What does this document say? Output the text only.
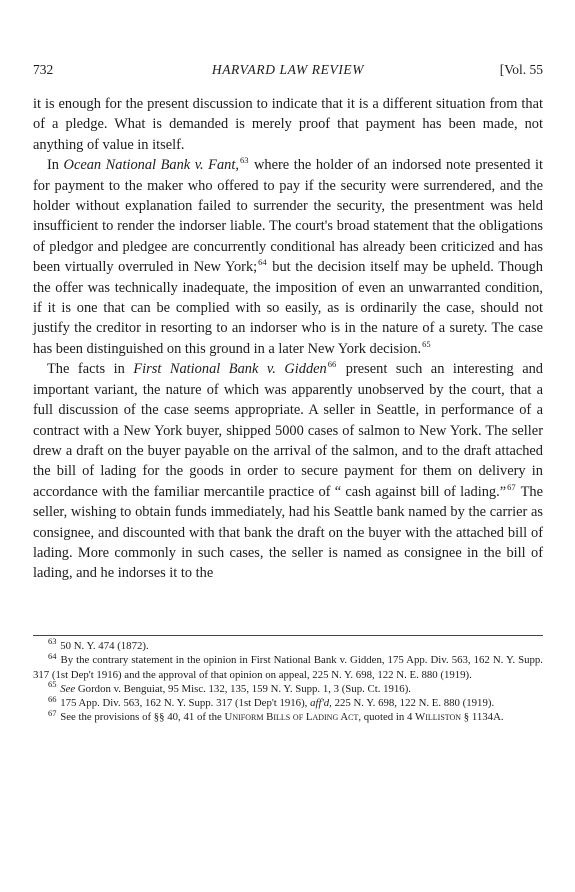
732	HARVARD LAW REVIEW	[Vol. 55

it is enough for the present discussion to indicate that it is a different situation from that of a pledge. What is demanded is merely proof that payment has been made, not anything of value in itself.

In Ocean National Bank v. Fant,$^{63}$ where the holder of an indorsed note presented it for payment to the maker who offered to pay if the security were surrendered, and the holder without explanation failed to surrender the security, the presentment was held insufficient to render the indorser liable. The court's broad statement that the obligations of pledgor and pledgee are concurrently conditional has already been criticized and has been virtually overruled in New York;$^{64}$ but the decision itself may be upheld. Though the offer was technically inadequate, the imposition of even an unwarranted condition, if it is one that can be complied with so easily, as is ordinarily the case, should not justify the creditor in resorting to an indorser who is in the nature of a surety. The case has been distinguished on this ground in a later New York decision.$^{65}$

The facts in First National Bank v. Gidden$^{66}$ present such an interesting and important variant, the nature of which was apparently unobserved by the court, that a full discussion of the case seems appropriate. A seller in Seattle, in performance of a contract with a New York buyer, shipped 5000 cases of salmon to New York. The seller drew a draft on the buyer payable on the arrival of the salmon, and to the draft attached the bill of lading for the goods in order to secure payment for them on delivery in accordance with the familiar mercantile practice of “ cash against bill of lading.”$^{67}$ The seller, wishing to obtain funds immediately, had his Seattle bank named by the carrier as consignee, and discounted with that bank the draft on the buyer with the attached bill of lading. More commonly in such cases, the seller is named as consignee in the bill of lading, and he indorses it to the

$^{63}$ 50 N. Y. 474 (1872).

$^{64}$ By the contrary statement in the opinion in First National Bank v. Gidden, 175 App. Div. 563, 162 N. Y. Supp. 317 (1st Dep't 1916) and the approval of that opinion on appeal, 225 N. Y. 698, 122 N. E. 880 (1919).

$^{65}$ See Gordon v. Benguiat, 95 Misc. 132, 135, 159 N. Y. Supp. 1, 3 (Sup. Ct. 1916).

$^{66}$ 175 App. Div. 563, 162 N. Y. Supp. 317 (1st Dep't 1916), aff'd, 225 N. Y. 698, 122 N. E. 880 (1919).

$^{67}$ See the provisions of §§ 40, 41 of the Uniform Bills of Lading Act, quoted in 4 Williston § 1134A.
